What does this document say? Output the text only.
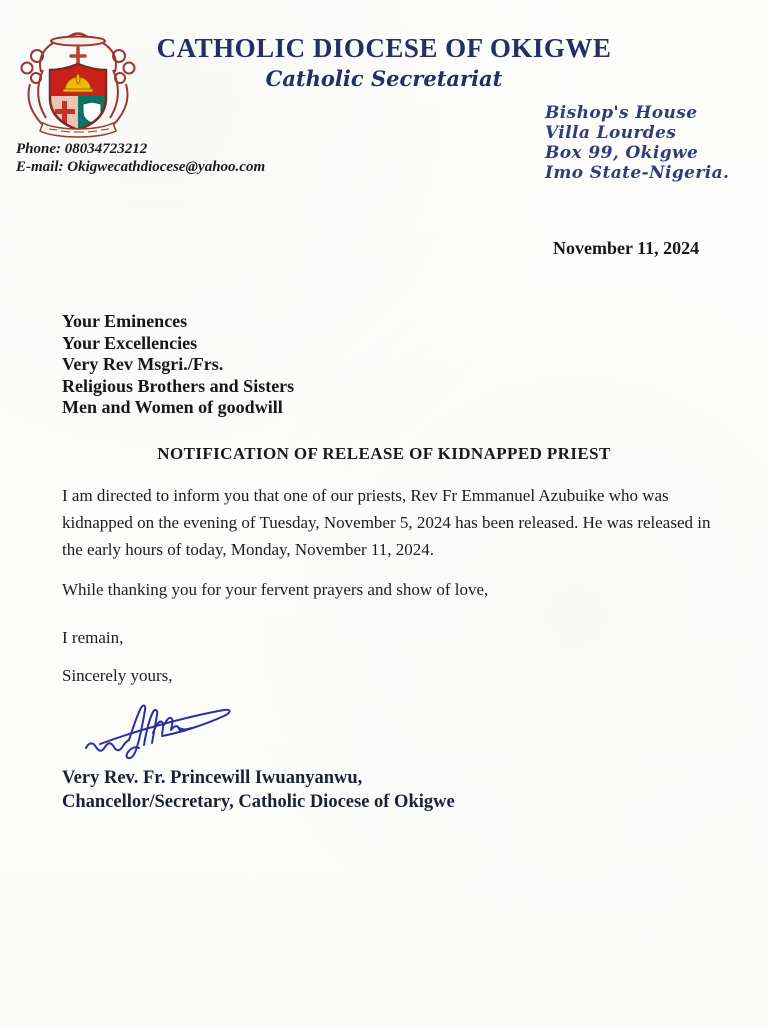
CATHOLIC DIOCESE OF OKIGWE
Catholic Secretariat
Phone: 08034723212
E-mail: Okigwecathdiocese@yahoo.com
Bishop's House
Villa Lourdes
Box 99, Okigwe
Imo State-Nigeria.
November 11, 2024
Your Eminences
Your Excellencies
Very Rev Msgri./Frs.
Religious Brothers and Sisters
Men and Women of goodwill
NOTIFICATION OF RELEASE OF KIDNAPPED PRIEST
I am directed to inform you that one of our priests, Rev Fr Emmanuel Azubuike who was kidnapped on the evening of Tuesday, November 5, 2024 has been released. He was released in the early hours of today, Monday, November 11, 2024.
While thanking you for your fervent prayers and show of love,
I remain,
Sincerely yours,
Very Rev. Fr. Princewill Iwuanyanwu,
Chancellor/Secretary, Catholic Diocese of Okigwe
